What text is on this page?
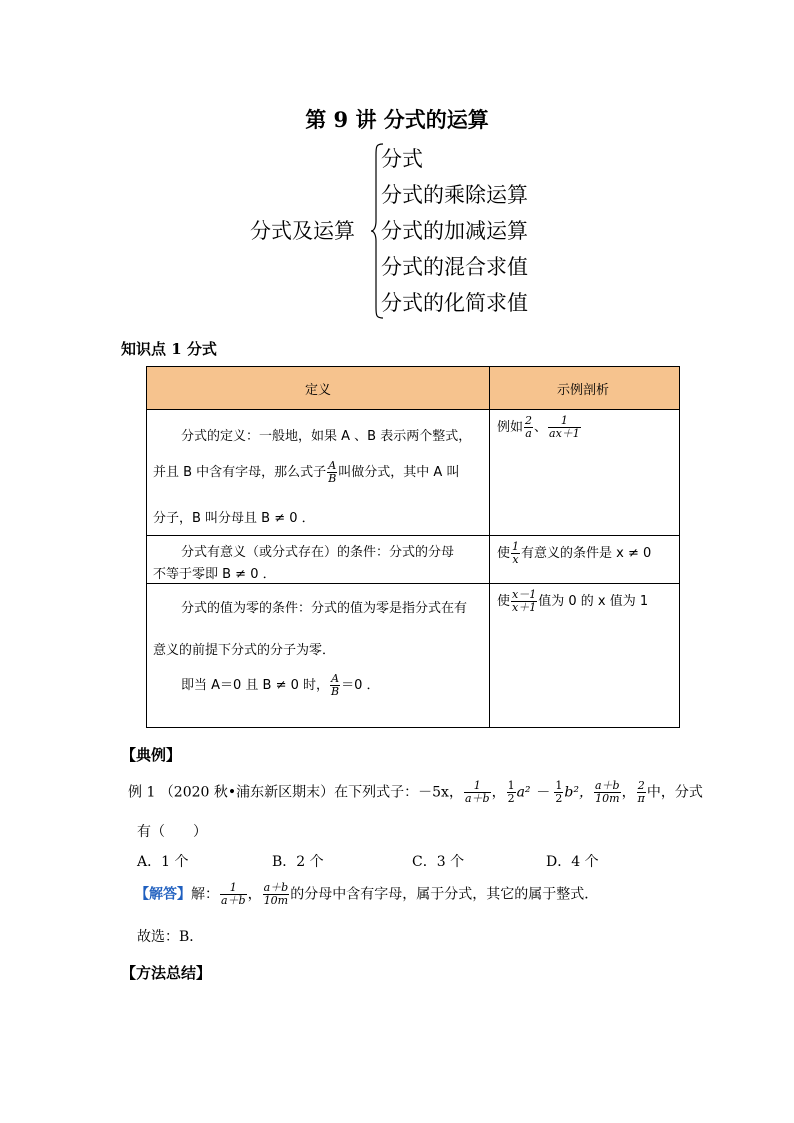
第 9 讲 分式的运算
分式及运算
分式
分式的乘除运算
分式的加减运算
分式的混合求值
分式的化简求值
知识点 1 分式
定义	示例剖析
分式的定义：一般地，如果 A 、B 表示两个整式，
并且 B 中含有字母，那么式子 $\frac{A}{B}$ 叫做分式，其中 A 叫
分子，B 叫分母且 B ≠ 0 ．
例如 $\frac{2}{a}$ 、 $\frac{1}{ax+1}$
分式有意义（或分式存在）的条件：分式的分母
不等于零即 B ≠ 0 ．
使 $\frac{1}{x}$ 有意义的条件是 x ≠ 0
分式的值为零的条件：分式的值为零是指分式在有
意义的前提下分式的分子为零．
即当 A＝0 且 B ≠ 0 时， $\frac{A}{B} =0$ ．
使 $\frac{x-1}{x+1}$ 值为 0 的 x 值为 1
【典例】
例 1 （2020 秋•浦东新区期末）在下列式子：－5x， $\frac{1}{a+b}$ ， $\frac{1}{2} a^2 - \frac{1}{2} b^2$， $\frac{a+b}{10m}$ ， $\frac{2}{\pi}$ 中，分式
有（　　）
A．1 个	B．2 个	C．3 个	D．4 个
【解答】解： $\frac{1}{a+b}$ ， $\frac{a+b}{10m}$ 的分母中含有字母，属于分式，其它的属于整式．
故选：B．
【方法总结】
